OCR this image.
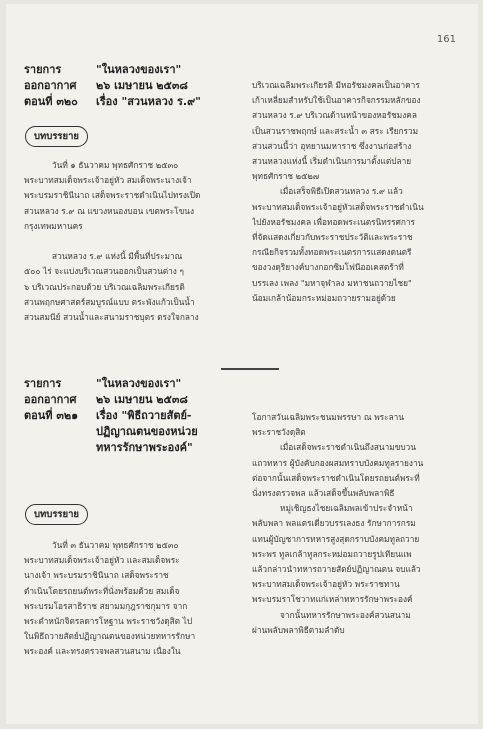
161
รายการ	"ในหลวงของเรา"
ออกอากาศ	๒๖ เมษายน ๒๕๓๘
ตอนที่ ๓๒๐	เรื่อง "สวนหลวง ร.๙"
บทบรรยาย
วันที่ ๑ ธันวาคม พุทธศักราช ๒๕๓๐
พระบาทสมเด็จพระเจ้าอยู่หัว สมเด็จพระนางเจ้า
พระบรมราชินีนาถ เสด็จพระราชดำเนินไปทรงเปิด
สวนหลวง ร.๙ ณ แขวงหนองบอน เขตพระโขนง
กรุงเทพมหานคร

สวนหลวง ร.๙ แห่งนี้ มีพื้นที่ประมาณ
๕๐๐ ไร่ จะแบ่งบริเวณสวนออกเป็นสวนต่าง ๆ
๖ บริเวณประกอบด้วย บริเวณเฉลิมพระเกียรติ
สวนพฤกษศาสตร์สมบูรณ์แบบ ตระพังแก้วเป็นน้ำ
สวนสมนีย์ สวนน้ำและสนามราชบุตร ตรงใจกลาง
บริเวณเฉลิมพระเกียรติ มีหอรัชมงคลเป็นอาคาร
เก้าเหลี่ยมสำหรับใช้เป็นอาคารกิจกรรมหลักของ
สวนหลวง ร.๙ บริเวณด้านหน้าของหอรัชมงคล
เป็นสวนราชพฤกษ์ และสระน้ำ ๓ สระ เรียกรวม
สวนสวนนี้ว่า อุทยานมหาราช ซึ่งงานก่อสร้าง
สวนหลวงแห่งนี้ เริ่มดำเนินการมาตั้งแต่ปลาย
พุทธศักราช ๒๕๒๗
เมื่อเสร็จพิธีเปิดสวนหลวง ร.๙ แล้ว
พระบาทสมเด็จพระเจ้าอยู่หัวเสด็จพระราชดำเนิน
ไปยังหอรัชมงคล เพื่อทอดพระเนตรนิทรรศการ
ที่จัดแสดงเกี่ยวกับพระราชประวัติและพระราช
กรณียกิจรวมทั้งทอดพระเนตรการแสดงดนตรี
ของวงดุริยางค์บางกอกซิมโฟนีออเคสตร้าที่
บรรเลง เพลง "มหาจุฬาลง มหาชนถวายไชย"
น้อมเกล้าน้อมกระหม่อมถวายรามอยู่ด้วย
รายการ	"ในหลวงของเรา"
ออกอากาศ	๒๖ เมษายน ๒๕๓๘
ตอนที่ ๓๒๑	เรื่อง "พิธีถวายสัตย์-
ปฏิญาณตนของหน่วย
ทหารรักษาพระองค์"
บทบรรยาย
วันที่ ๓ ธันวาคม พุทธศักราช ๒๕๓๐
พระบาทสมเด็จพระเจ้าอยู่หัว และสมเด็จพระ
นางเจ้า พระบรมราชินีนาถ เสด็จพระราช
ดำเนินโดยรถยนต์พระที่นั่งพร้อมด้วย สมเด็จ
พระบรมโอรสาธิราช สยามมกุฎราชกุมาร จาก
พระตำหนักจิตรลดารโหฐาน พระราชวังดุสิต ไป
ในพิธีถวายสัตย์ปฏิญาณตนของหน่วยทหารรักษา
พระองค์ และทรงตรวจพลสวนสนาม เนื่องใน
โอกาสวันเฉลิมพระชนมพรรษา ณ พระลาน
พระราชวังดุสิต
เมื่อเสด็จพระราชดำเนินถึงสนามขบวน
แถวทหาร ผู้บังคับกองผสมทราบบังคมทูลรายงาน
ต่อจากนั้นเสด็จพระราชดำเนินโดยรถยนต์พระที่
นั่งทรงตรวจพล แล้วเสด็จขึ้นพลับพลาพิธี
หมู่เชิญธงไชยเฉลิมพลเข้าประจำหน้า
พลับพลา พลแตรเดี่ยวบรรเลงธง รักษาการกรม
แทนผู้บัญชาการทหารสูงสุดกราบบังคมทูลถวาย
พระพร ทูลเกล้าทูลกระหม่อมถวายรูปเทียนแพ
แล้วกล่าวนำทหารถวายสัตย์ปฏิญาณตน จบแล้ว
พระบาทสมเด็จพระเจ้าอยู่หัว พระราชทาน
พระบรมราโชวาทแก่เหล่าทหารรักษาพระองค์
จากนั้นทหารรักษาพระองค์สวนสนาม
ผ่านพลับพลาพิธีตามลำดับ
